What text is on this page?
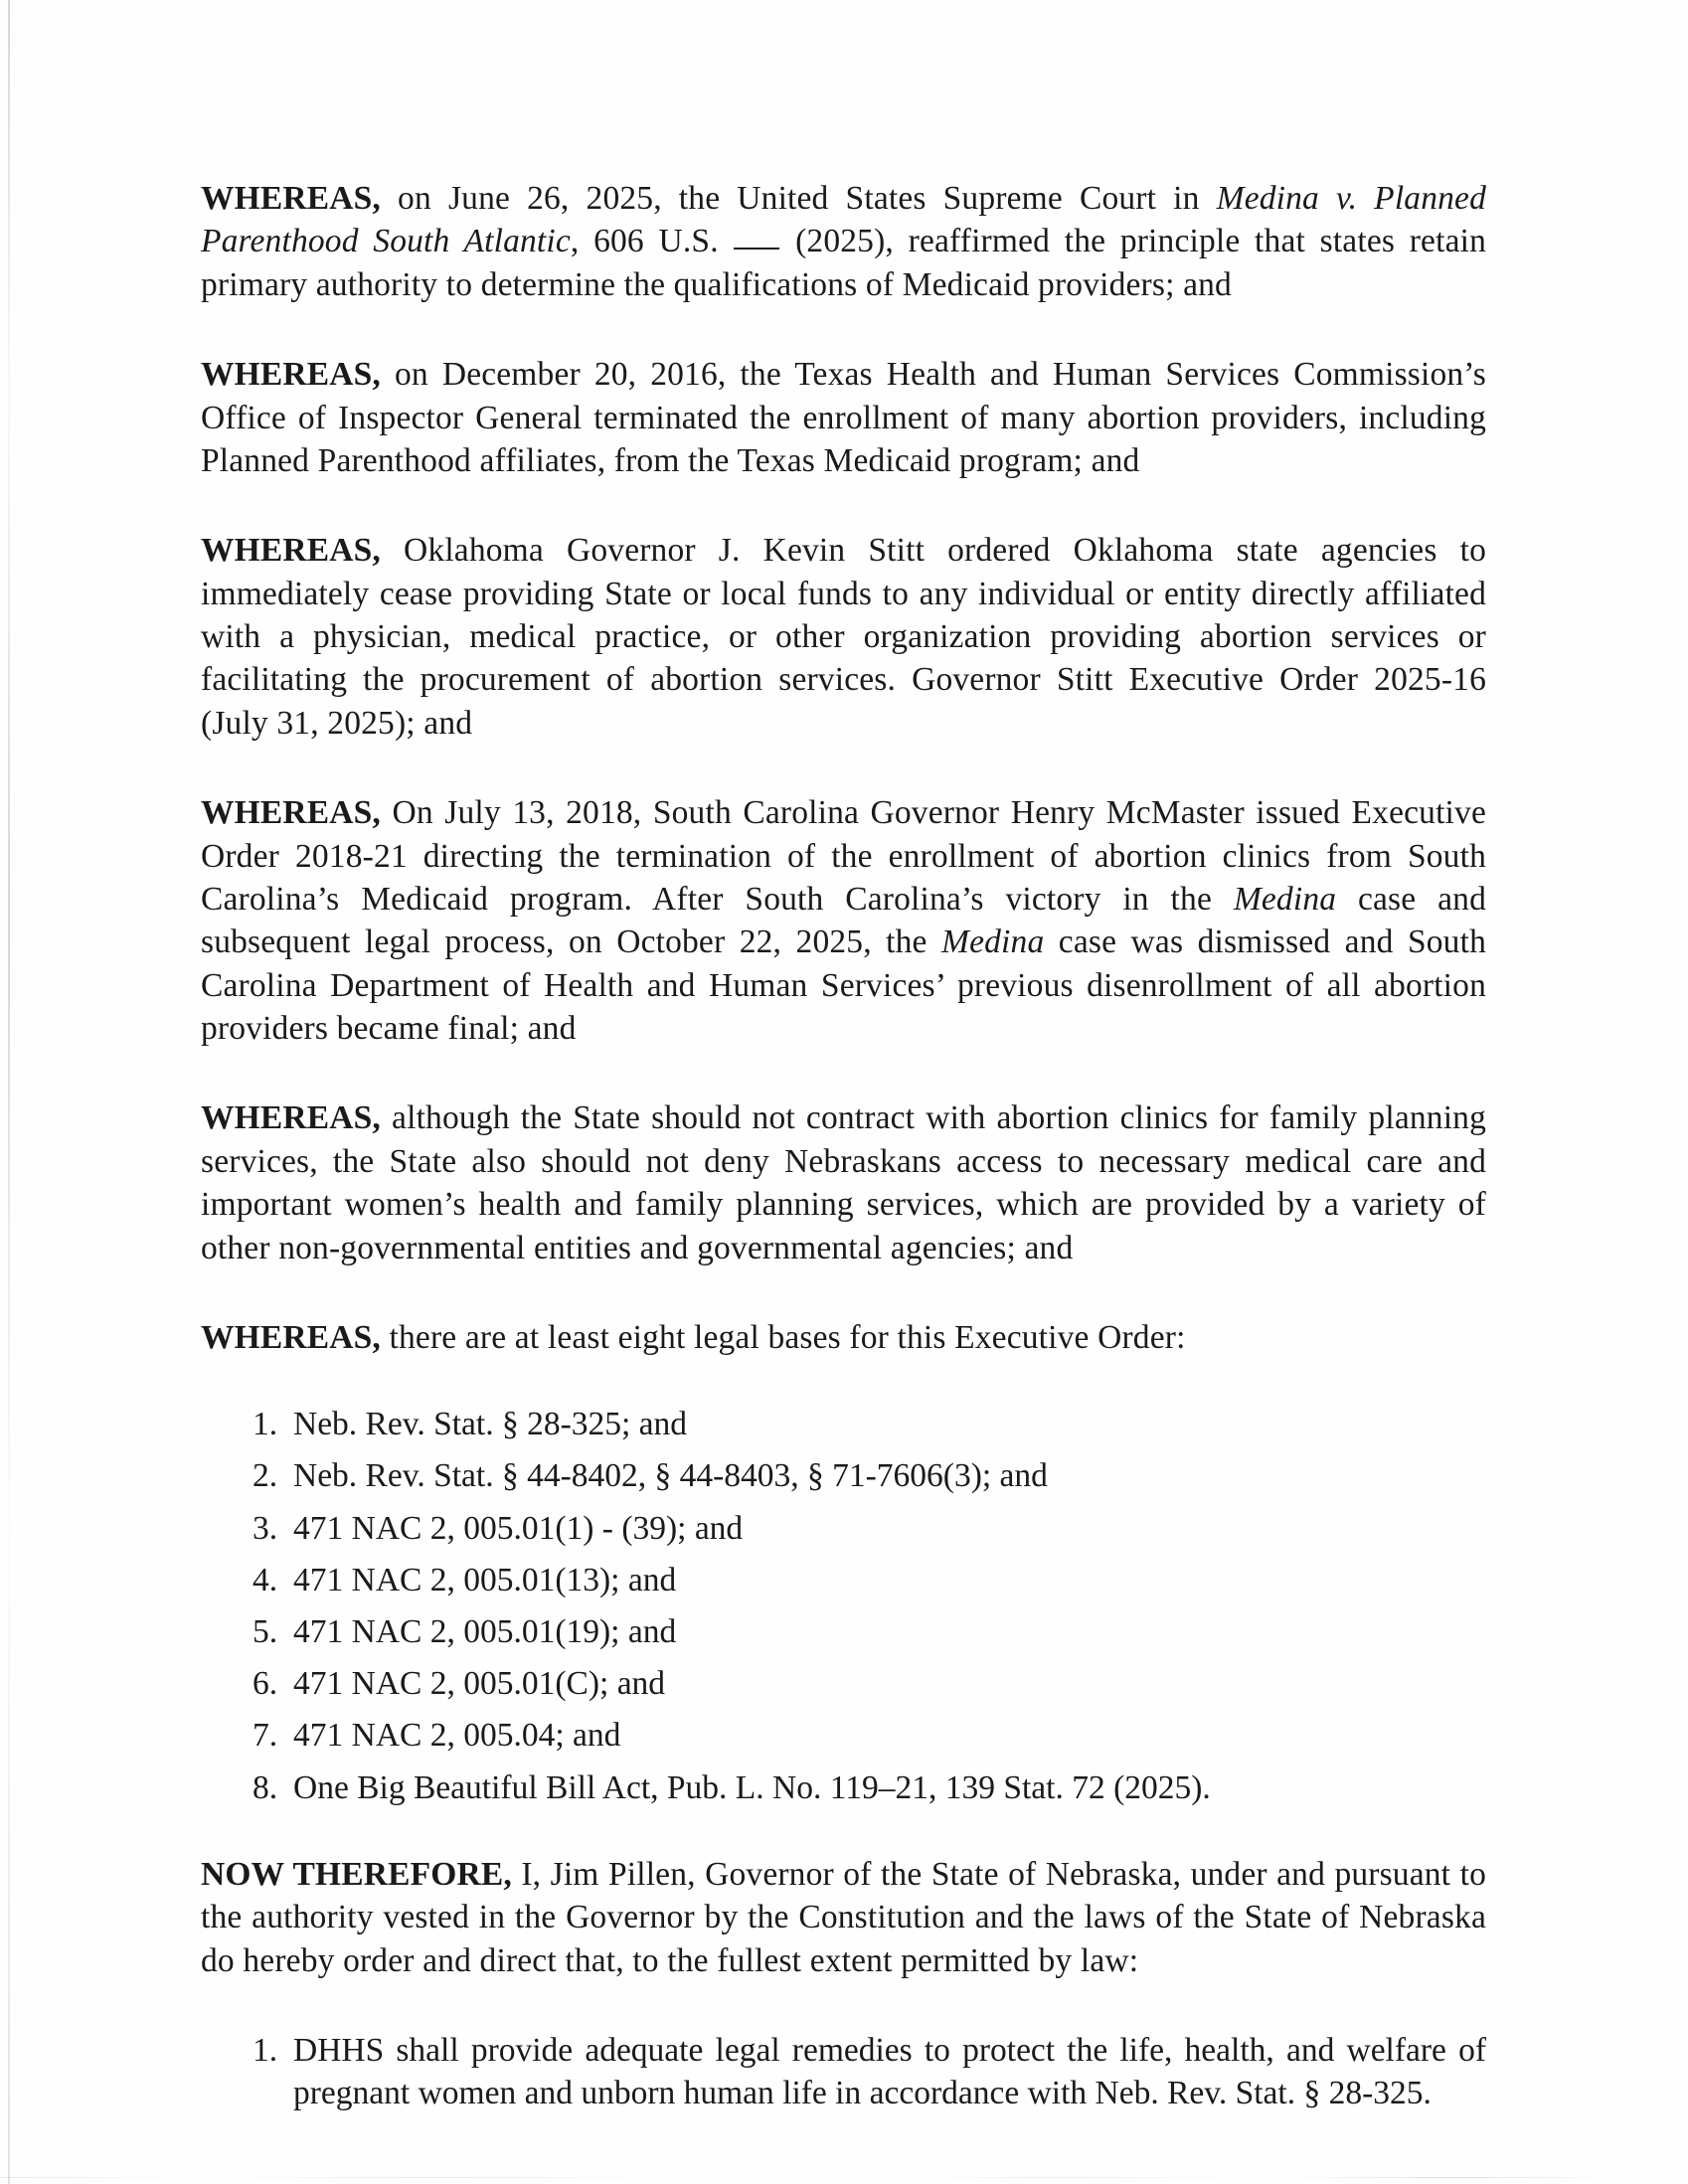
WHEREAS, on June 26, 2025, the United States Supreme Court in Medina v. Planned Parenthood South Atlantic, 606 U.S.  (2025), reaffirmed the principle that states retain primary authority to determine the qualifications of Medicaid providers; and

WHEREAS, on December 20, 2016, the Texas Health and Human Services Commission’s Office of Inspector General terminated the enrollment of many abortion providers, including Planned Parenthood affiliates, from the Texas Medicaid program; and

WHEREAS, Oklahoma Governor J. Kevin Stitt ordered Oklahoma state agencies to immediately cease providing State or local funds to any individual or entity directly affiliated with a physician, medical practice, or other organization providing abortion services or facilitating the procurement of abortion services. Governor Stitt Executive Order 2025-16 (July 31, 2025); and

WHEREAS, On July 13, 2018, South Carolina Governor Henry McMaster issued Executive Order 2018-21 directing the termination of the enrollment of abortion clinics from South Carolina’s Medicaid program. After South Carolina’s victory in the Medina case and subsequent legal process, on October 22, 2025, the Medina case was dismissed and South Carolina Department of Health and Human Services’ previous disenrollment of all abortion providers became final; and

WHEREAS, although the State should not contract with abortion clinics for family planning services, the State also should not deny Nebraskans access to necessary medical care and important women’s health and family planning services, which are provided by a variety of other non-governmental entities and governmental agencies; and

WHEREAS, there are at least eight legal bases for this Executive Order:

1. Neb. Rev. Stat. § 28-325; and
2. Neb. Rev. Stat. § 44-8402, § 44-8403, § 71-7606(3); and
3. 471 NAC 2, 005.01(1) - (39); and
4. 471 NAC 2, 005.01(13); and
5. 471 NAC 2, 005.01(19); and
6. 471 NAC 2, 005.01(C); and
7. 471 NAC 2, 005.04; and
8. One Big Beautiful Bill Act, Pub. L. No. 119–21, 139 Stat. 72 (2025).

NOW THEREFORE, I, Jim Pillen, Governor of the State of Nebraska, under and pursuant to the authority vested in the Governor by the Constitution and the laws of the State of Nebraska do hereby order and direct that, to the fullest extent permitted by law:

1. DHHS shall provide adequate legal remedies to protect the life, health, and welfare of pregnant women and unborn human life in accordance with Neb. Rev. Stat. § 28-325.
